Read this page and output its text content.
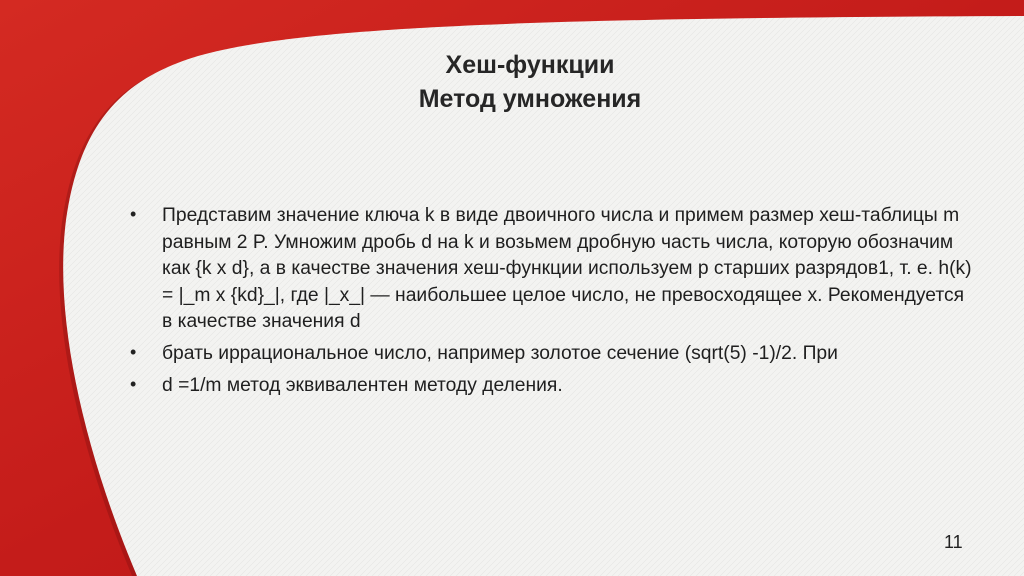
Хеш-функции
Метод умножения
• Представим значение ключа k в виде двоичного числа и примем размер хеш-таблицы m равным 2 P. Умножим дробь d на k и возьмем дробную часть числа, которую обозначим как {k x d}, а в качестве значения хеш-функции используем p старших разрядов1, т. е. h(k) = |_m x {kd}_|, где |_x_| — наибольшее целое число, не превосходящее x. Рекомендуется в качестве значения d
• брать иррациональное число, например золотое сечение (sqrt(5) -1)/2. При
• d =1/m метод эквивалентен методу деления.
11
